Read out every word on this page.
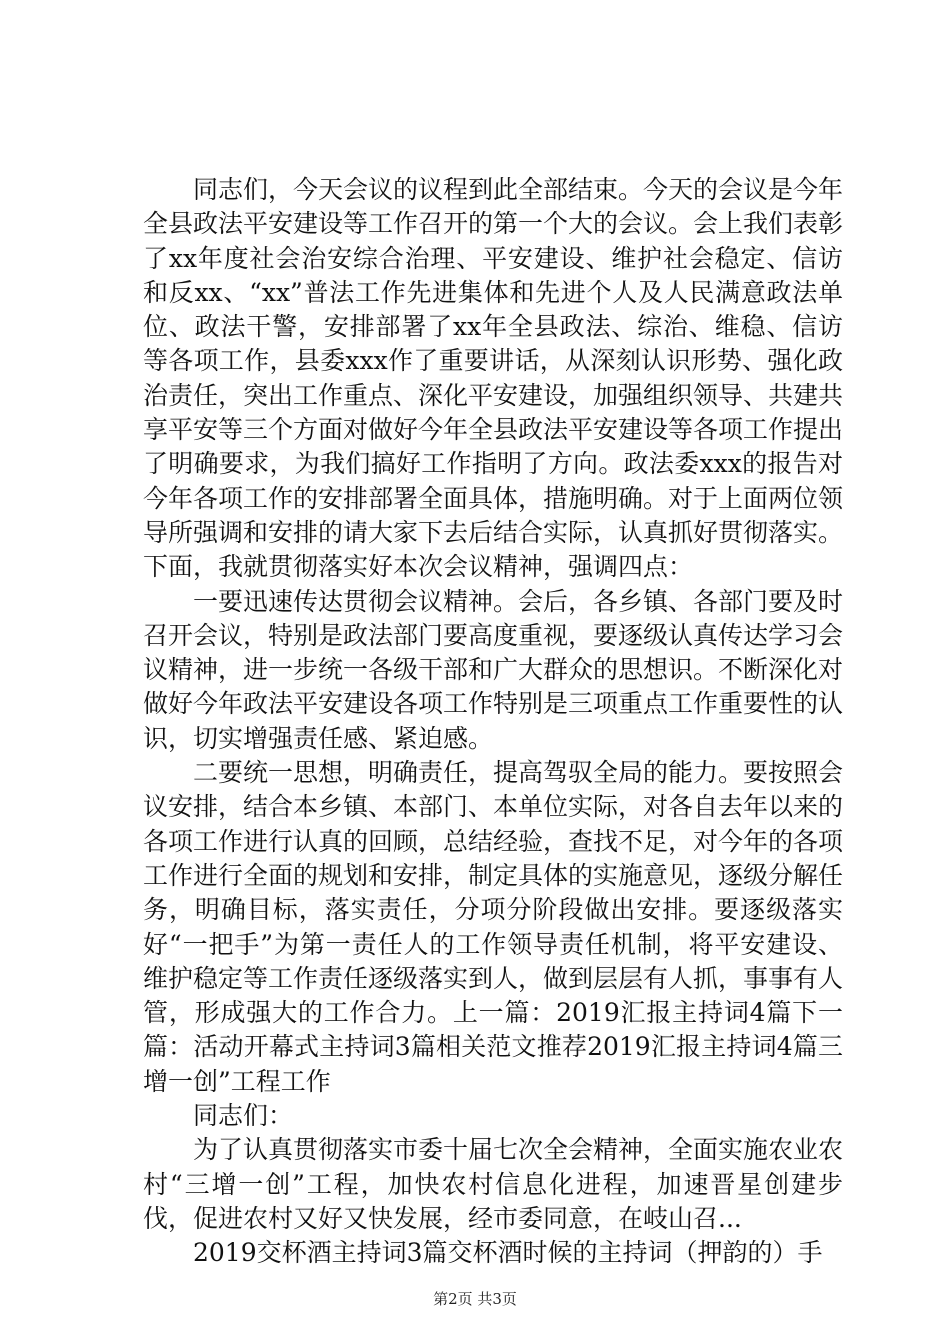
同志们，今天会议的议程到此全部结束。今天的会议是今年全县政法平安建设等工作召开的第一个大的会议。会上我们表彰了xx年度社会治安综合治理、平安建设、维护社会稳定、信访和反xx、“xx”普法工作先进集体和先进个人及人民满意政法单位、政法干警，安排部署了xx年全县政法、综治、维稳、信访等各项工作，县委xxx作了重要讲话，从深刻认识形势、强化政治责任，突出工作重点、深化平安建设，加强组织领导、共建共享平安等三个方面对做好今年全县政法平安建设等各项工作提出了明确要求，为我们搞好工作指明了方向。政法委xxx的报告对今年各项工作的安排部署全面具体，措施明确。对于上面两位领导所强调和安排的请大家下去后结合实际，认真抓好贯彻落实。下面，我就贯彻落实好本次会议精神，强调四点：

一要迅速传达贯彻会议精神。会后，各乡镇、各部门要及时召开会议，特别是政法部门要高度重视，要逐级认真传达学习会议精神，进一步统一各级干部和广大群众的思想识。不断深化对做好今年政法平安建设各项工作特别是三项重点工作重要性的认识，切实增强责任感、紧迫感。

二要统一思想，明确责任，提高驾驭全局的能力。要按照会议安排，结合本乡镇、本部门、本单位实际，对各自去年以来的各项工作进行认真的回顾，总结经验，查找不足，对今年的各项工作进行全面的规划和安排，制定具体的实施意见，逐级分解任务，明确目标，落实责任，分项分阶段做出安排。要逐级落实好“一把手”为第一责任人的工作领导责任机制，将平安建设、维护稳定等工作责任逐级落实到人，做到层层有人抓，事事有人管，形成强大的工作合力。上一篇：2019汇报主持词4篇下一篇：活动开幕式主持词3篇相关范文推荐2019汇报主持词4篇三增一创”工程工作

同志们：

为了认真贯彻落实市委十届七次全会精神，全面实施农业农村“三增一创”工程，加快农村信息化进程，加速晋星创建步伐，促进农村又好又快发展，经市委同意，在岐山召...

2019交杯酒主持词3篇交杯酒时候的主持词（押韵的）手

第2页 共3页
